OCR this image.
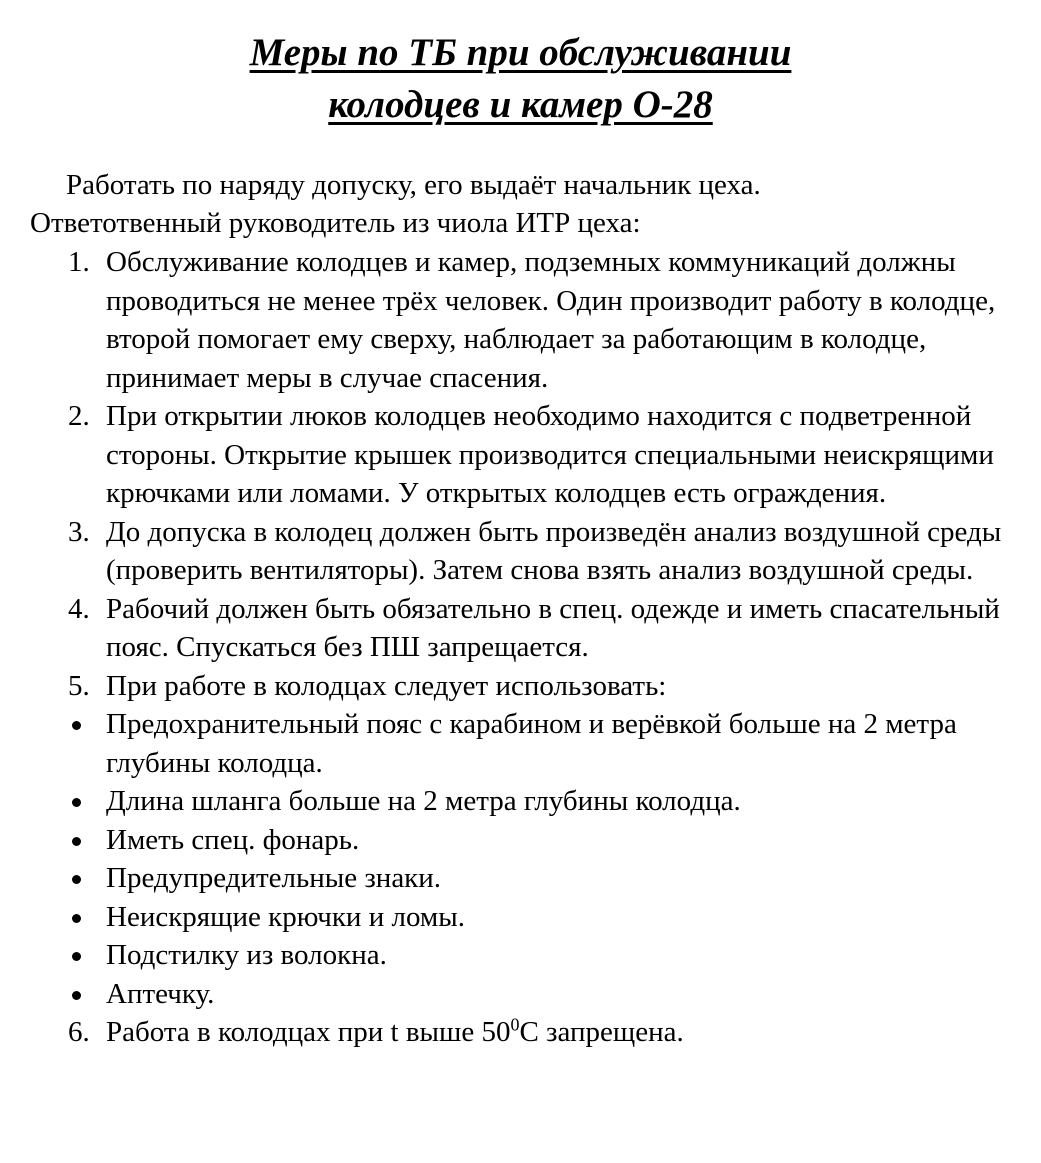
Меры по ТБ при обслуживании
колодцев и камер О-28
Работать по наряду допуску, его выдаёт начальник цеха.
Ответотвенный руководитель из чиола ИТР цеха:
1. Обслуживание колодцев и камер, подземных коммуникаций должны проводиться не менее трёх человек. Один производит работу в колодце, второй помогает ему сверху, наблюдает за работающим в колодце, принимает меры в случае спасения.
2. При открытии люков колодцев необходимо находится с подветренной стороны. Открытие крышек производится специальными неискрящими крючками или ломами. У открытых колодцев есть ограждения.
3. До допуска в колодец должен быть произведён анализ воздушной среды (проверить вентиляторы). Затем снова взять анализ воздушной среды.
4. Рабочий должен быть обязательно в спец. одежде и иметь спасательный пояс. Спускаться без ПШ запрещается.
5. При работе в колодцах следует использовать:
Предохранительный пояс с карабином и верёвкой больше на 2 метра глубины колодца.
Длина шланга больше на 2 метра глубины колодца.
Иметь спец. фонарь.
Предупредительные знаки.
Неискрящие крючки и ломы.
Подстилку из волокна.
Аптечку.
6. Работа в колодцах при t выше $50^0С$ запрещена.
